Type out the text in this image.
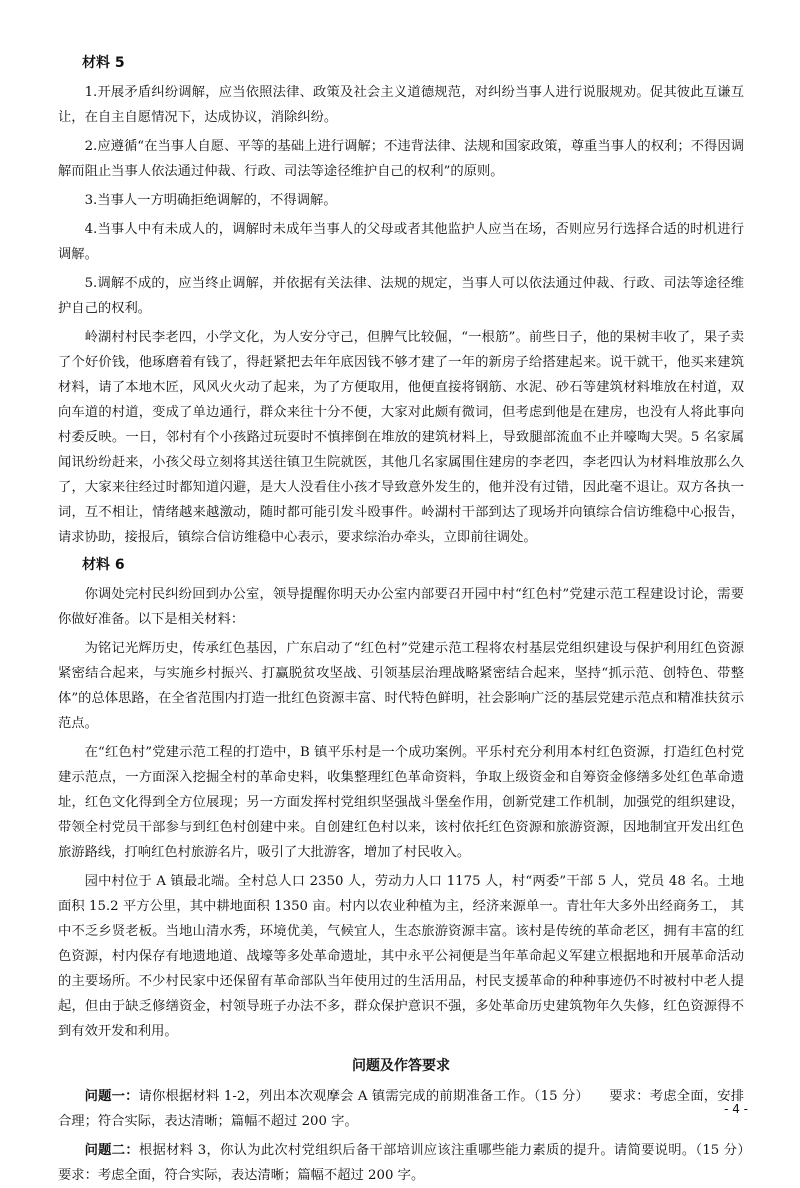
材料 5

1.开展矛盾纠纷调解，应当依照法律、政策及社会主义道德规范，对纠纷当事人进行说服规劝。促其彼此互谦互让，在自主自愿情况下，达成协议，消除纠纷。

2.应遵循“在当事人自愿、平等的基础上进行调解；不违背法律、法规和国家政策，尊重当事人的权利；不得因调解而阻止当事人依法通过仲裁、行政、司法等途径维护自己的权利”的原则。

3.当事人一方明确拒绝调解的，不得调解。

4.当事人中有未成人的，调解时未成年当事人的父母或者其他监护人应当在场，否则应另行选择合适的时机进行调解。

5.调解不成的，应当终止调解，并依据有关法律、法规的规定，当事人可以依法通过仲裁、行政、司法等途径维护自己的权利。

岭湖村村民李老四，小学文化，为人安分守己，但脾气比较倔，“一根筋”。前些日子，他的果树丰收了，果子卖了个好价钱，他琢磨着有钱了，得赶紧把去年年底因钱不够才建了一年的新房子给搭建起来。说干就干，他买来建筑材料，请了本地木匠，风风火火动了起来，为了方便取用，他便直接将钢筋、水泥、砂石等建筑材料堆放在村道，双向车道的村道，变成了单边通行，群众来往十分不便，大家对此颇有微词，但考虑到他是在建房，也没有人将此事向村委反映。一日，邻村有个小孩路过玩耍时不慎摔倒在堆放的建筑材料上，导致腿部流血不止并嚎啕大哭。5 名家属闻讯纷纷赶来，小孩父母立刻将其送往镇卫生院就医，其他几名家属围住建房的李老四，李老四认为材料堆放那么久了，大家来往经过时都知道闪避，是大人没看住小孩才导致意外发生的，他并没有过错，因此毫不退让。双方各执一词，互不相让，情绪越来越激动，随时都可能引发斗殴事件。岭湖村干部到达了现场并向镇综合信访维稳中心报告，请求协助，接报后，镇综合信访维稳中心表示，要求综治办牵头，立即前往调处。

材料 6

你调处完村民纠纷回到办公室，领导提醒你明天办公室内部要召开园中村“红色村”党建示范工程建设讨论，需要你做好准备。以下是相关材料：

为铭记光辉历史，传承红色基因，广东启动了“红色村”党建示范工程将农村基层党组织建设与保护利用红色资源紧密结合起来，与实施乡村振兴、打赢脱贫攻坚战、引领基层治理战略紧密结合起来，坚持“抓示范、创特色、带整体”的总体思路，在全省范围内打造一批红色资源丰富、时代特色鲜明，社会影响广泛的基层党建示范点和精准扶贫示范点。

在“红色村”党建示范工程的打造中，B 镇平乐村是一个成功案例。平乐村充分利用本村红色资源，打造红色村党建示范点，一方面深入挖掘全村的革命史料，收集整理红色革命资料，争取上级资金和自筹资金修缮多处红色革命遗址，红色文化得到全方位展现；另一方面发挥村党组织坚强战斗堡垒作用，创新党建工作机制，加强党的组织建设，带领全村党员干部参与到红色村创建中来。自创建红色村以来，该村依托红色资源和旅游资源，因地制宜开发出红色旅游路线，打响红色村旅游名片，吸引了大批游客，增加了村民收入。

园中村位于 A 镇最北端。全村总人口 2350 人，劳动力人口 1175 人，村“两委”干部 5 人，党员 48 名。土地面积 15.2 平方公里，其中耕地面积 1350 亩。村内以农业种植为主，经济来源单一。青壮年大多外出经商务工， 其中不乏乡贤老板。当地山清水秀，环境优美，气候宜人，生态旅游资源丰富。该村是传统的革命老区，拥有丰富的红色资源，村内保存有地遗地道、战壕等多处革命遗址，其中永平公祠便是当年革命起义军建立根据地和开展革命活动的主要场所。不少村民家中还保留有革命部队当年使用过的生活用品，村民支援革命的种种事迹仍不时被村中老人提起，但由于缺乏修缮资金，村领导班子办法不多，群众保护意识不强，多处革命历史建筑物年久失修，红色资源得不到有效开发和利用。

问题及作答要求

问题一：请你根据材料 1-2，列出本次观摩会 A 镇需完成的前期准备工作。（15 分）　　要求：考虑全面，安排合理；符合实际，表达清晰；篇幅不超过 200 字。

问题二：根据材料 3，你认为此次村党组织后备干部培训应该注重哪些能力素质的提升。请简要说明。（15 分）　　要求：考虑全面，符合实际，表达清晰；篇幅不超过 200 字。

- 4 -
